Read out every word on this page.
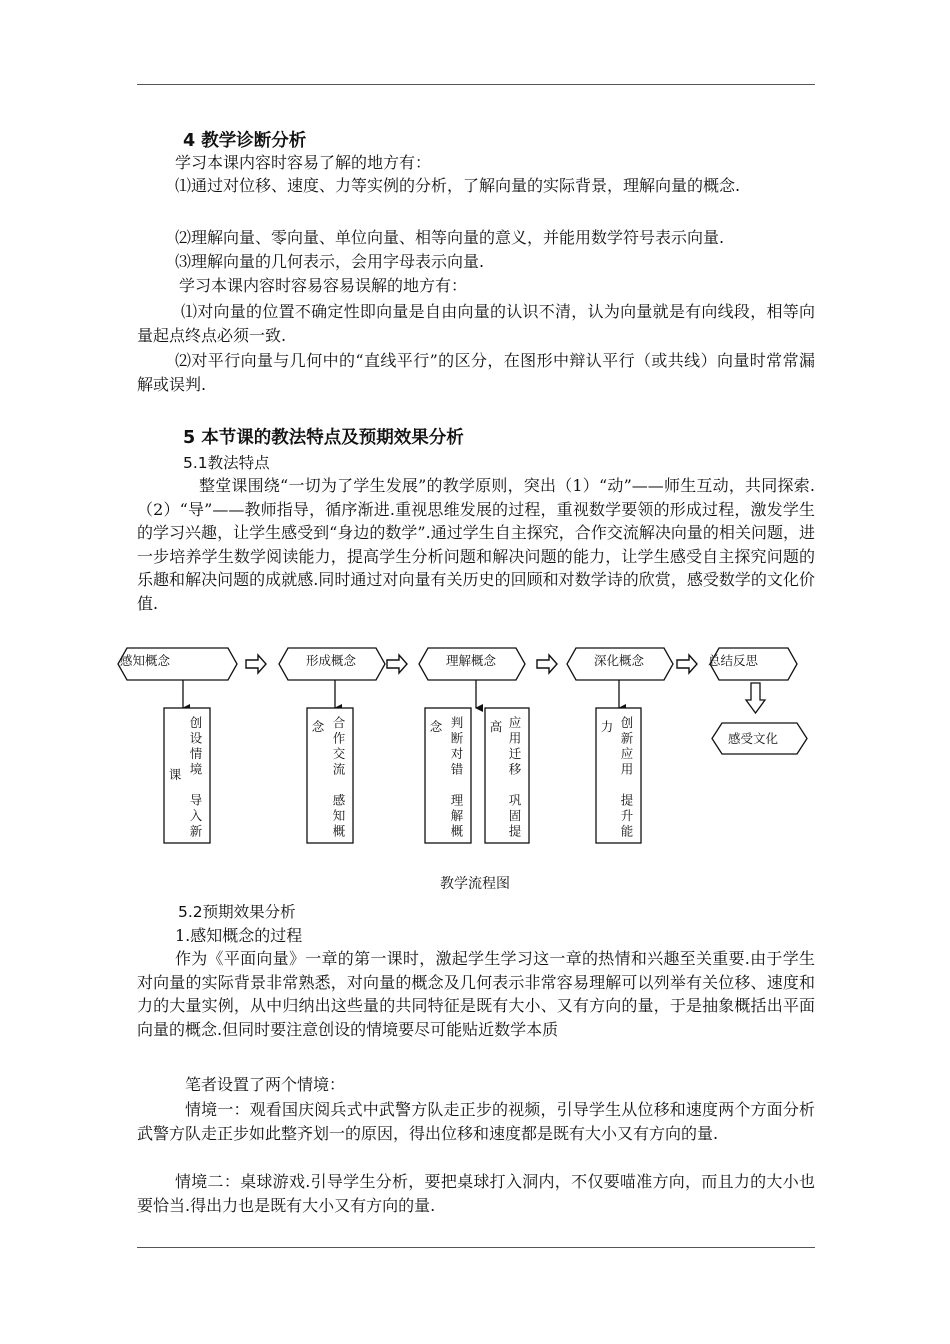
4 教学诊断分析
学习本课内容时容易了解的地方有：
⑴通过对位移、速度、力等实例的分析，了解向量的实际背景，理解向量的概念.
⑵理解向量、零向量、单位向量、相等向量的意义，并能用数学符号表示向量.
⑶理解向量的几何表示，会用字母表示向量.
学习本课内容时容易容易误解的地方有：
⑴对向量的位置不确定性即向量是自由向量的认识不清，认为向量就是有向线段，相等向量起点终点必须一致.
⑵对平行向量与几何中的“直线平行”的区分，在图形中辩认平行（或共线）向量时常常漏解或误判.
5 本节课的教法特点及预期效果分析
5.1教法特点
整堂课围绕“一切为了学生发展”的教学原则，突出（1）“动”——师生互动，共同探索.（2）“导”——教师指导，循序渐进.重视思维发展的过程，重视数学要领的形成过程，激发学生的学习兴趣，让学生感受到“身边的数学”.通过学生自主探究，合作交流解决向量的相关问题，进一步培养学生数学阅读能力，提高学生分析问题和解决问题的能力，让学生感受自主探究问题的乐趣和解决问题的成就感.同时通过对向量有关历史的回顾和对数学诗的欣赏，感受数学的文化价值.
感知概念	形成概念	理解概念	深化概念	总结反思
感受文化
创
设
情
境
导
入
新
课
合
作
交
流
感
知
概
念	判
断
对
错
理
解
概
念	应
用
迁
移
巩
固
提
高	创
新
应
用
提
升
能
力
教学流程图
5.2预期效果分析
1.感知概念的过程
作为《平面向量》一章的第一课时，激起学生学习这一章的热情和兴趣至关重要.由于学生对向量的实际背景非常熟悉，对向量的概念及几何表示非常容易理解可以列举有关位移、速度和力的大量实例，从中归纳出这些量的共同特征是既有大小、又有方向的量，于是抽象概括出平面向量的概念.但同时要注意创设的情境要尽可能贴近数学本质
笔者设置了两个情境：
情境一：观看国庆阅兵式中武警方队走正步的视频，引导学生从位移和速度两个方面分析武警方队走正步如此整齐划一的原因，得出位移和速度都是既有大小又有方向的量.
情境二：桌球游戏.引导学生分析，要把桌球打入洞内，不仅要喵准方向，而且力的大小也要恰当.得出力也是既有大小又有方向的量.
